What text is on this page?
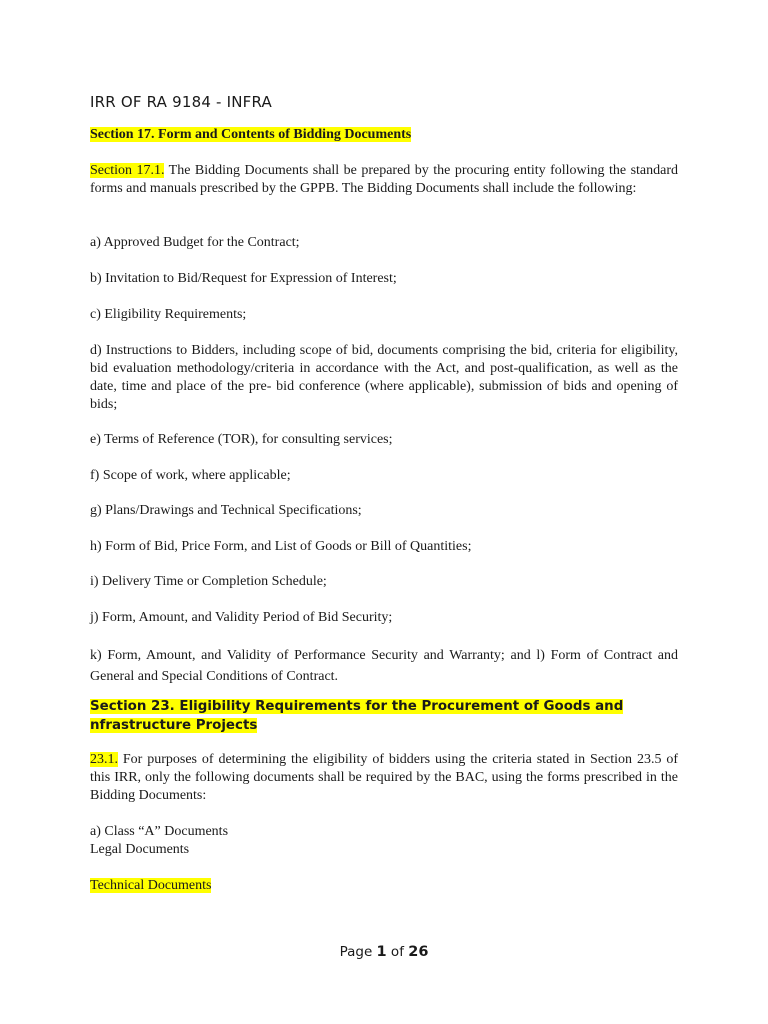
IRR OF RA 9184 - INFRA
Section 17. Form and Contents of Bidding Documents

Section 17.1. The Bidding Documents shall be prepared by the procuring entity following the standard forms and manuals prescribed by the GPPB. The Bidding Documents shall include the following:

a) Approved Budget for the Contract;

b) Invitation to Bid/Request for Expression of Interest;

c) Eligibility Requirements;

d) Instructions to Bidders, including scope of bid, documents comprising the bid, criteria for eligibility, bid evaluation methodology/criteria in accordance with the Act, and post-qualification, as well as the date, time and place of the pre- bid conference (where applicable), submission of bids and opening of bids;

e) Terms of Reference (TOR), for consulting services;

f) Scope of work, where applicable;

g) Plans/Drawings and Technical Specifications;

h) Form of Bid, Price Form, and List of Goods or Bill of Quantities;

i) Delivery Time or Completion Schedule;

j) Form, Amount, and Validity Period of Bid Security;

k) Form, Amount, and Validity of Performance Security and Warranty; and l) Form of Contract and General and Special Conditions of Contract.

Section 23. Eligibility Requirements for the Procurement of Goods and
nfrastructure Projects

23.1. For purposes of determining the eligibility of bidders using the criteria stated in Section 23.5 of this IRR, only the following documents shall be required by the BAC, using the forms prescribed in the Bidding Documents:

a) Class “A” Documents

Legal Documents

Technical Documents

Page 1 of 26
